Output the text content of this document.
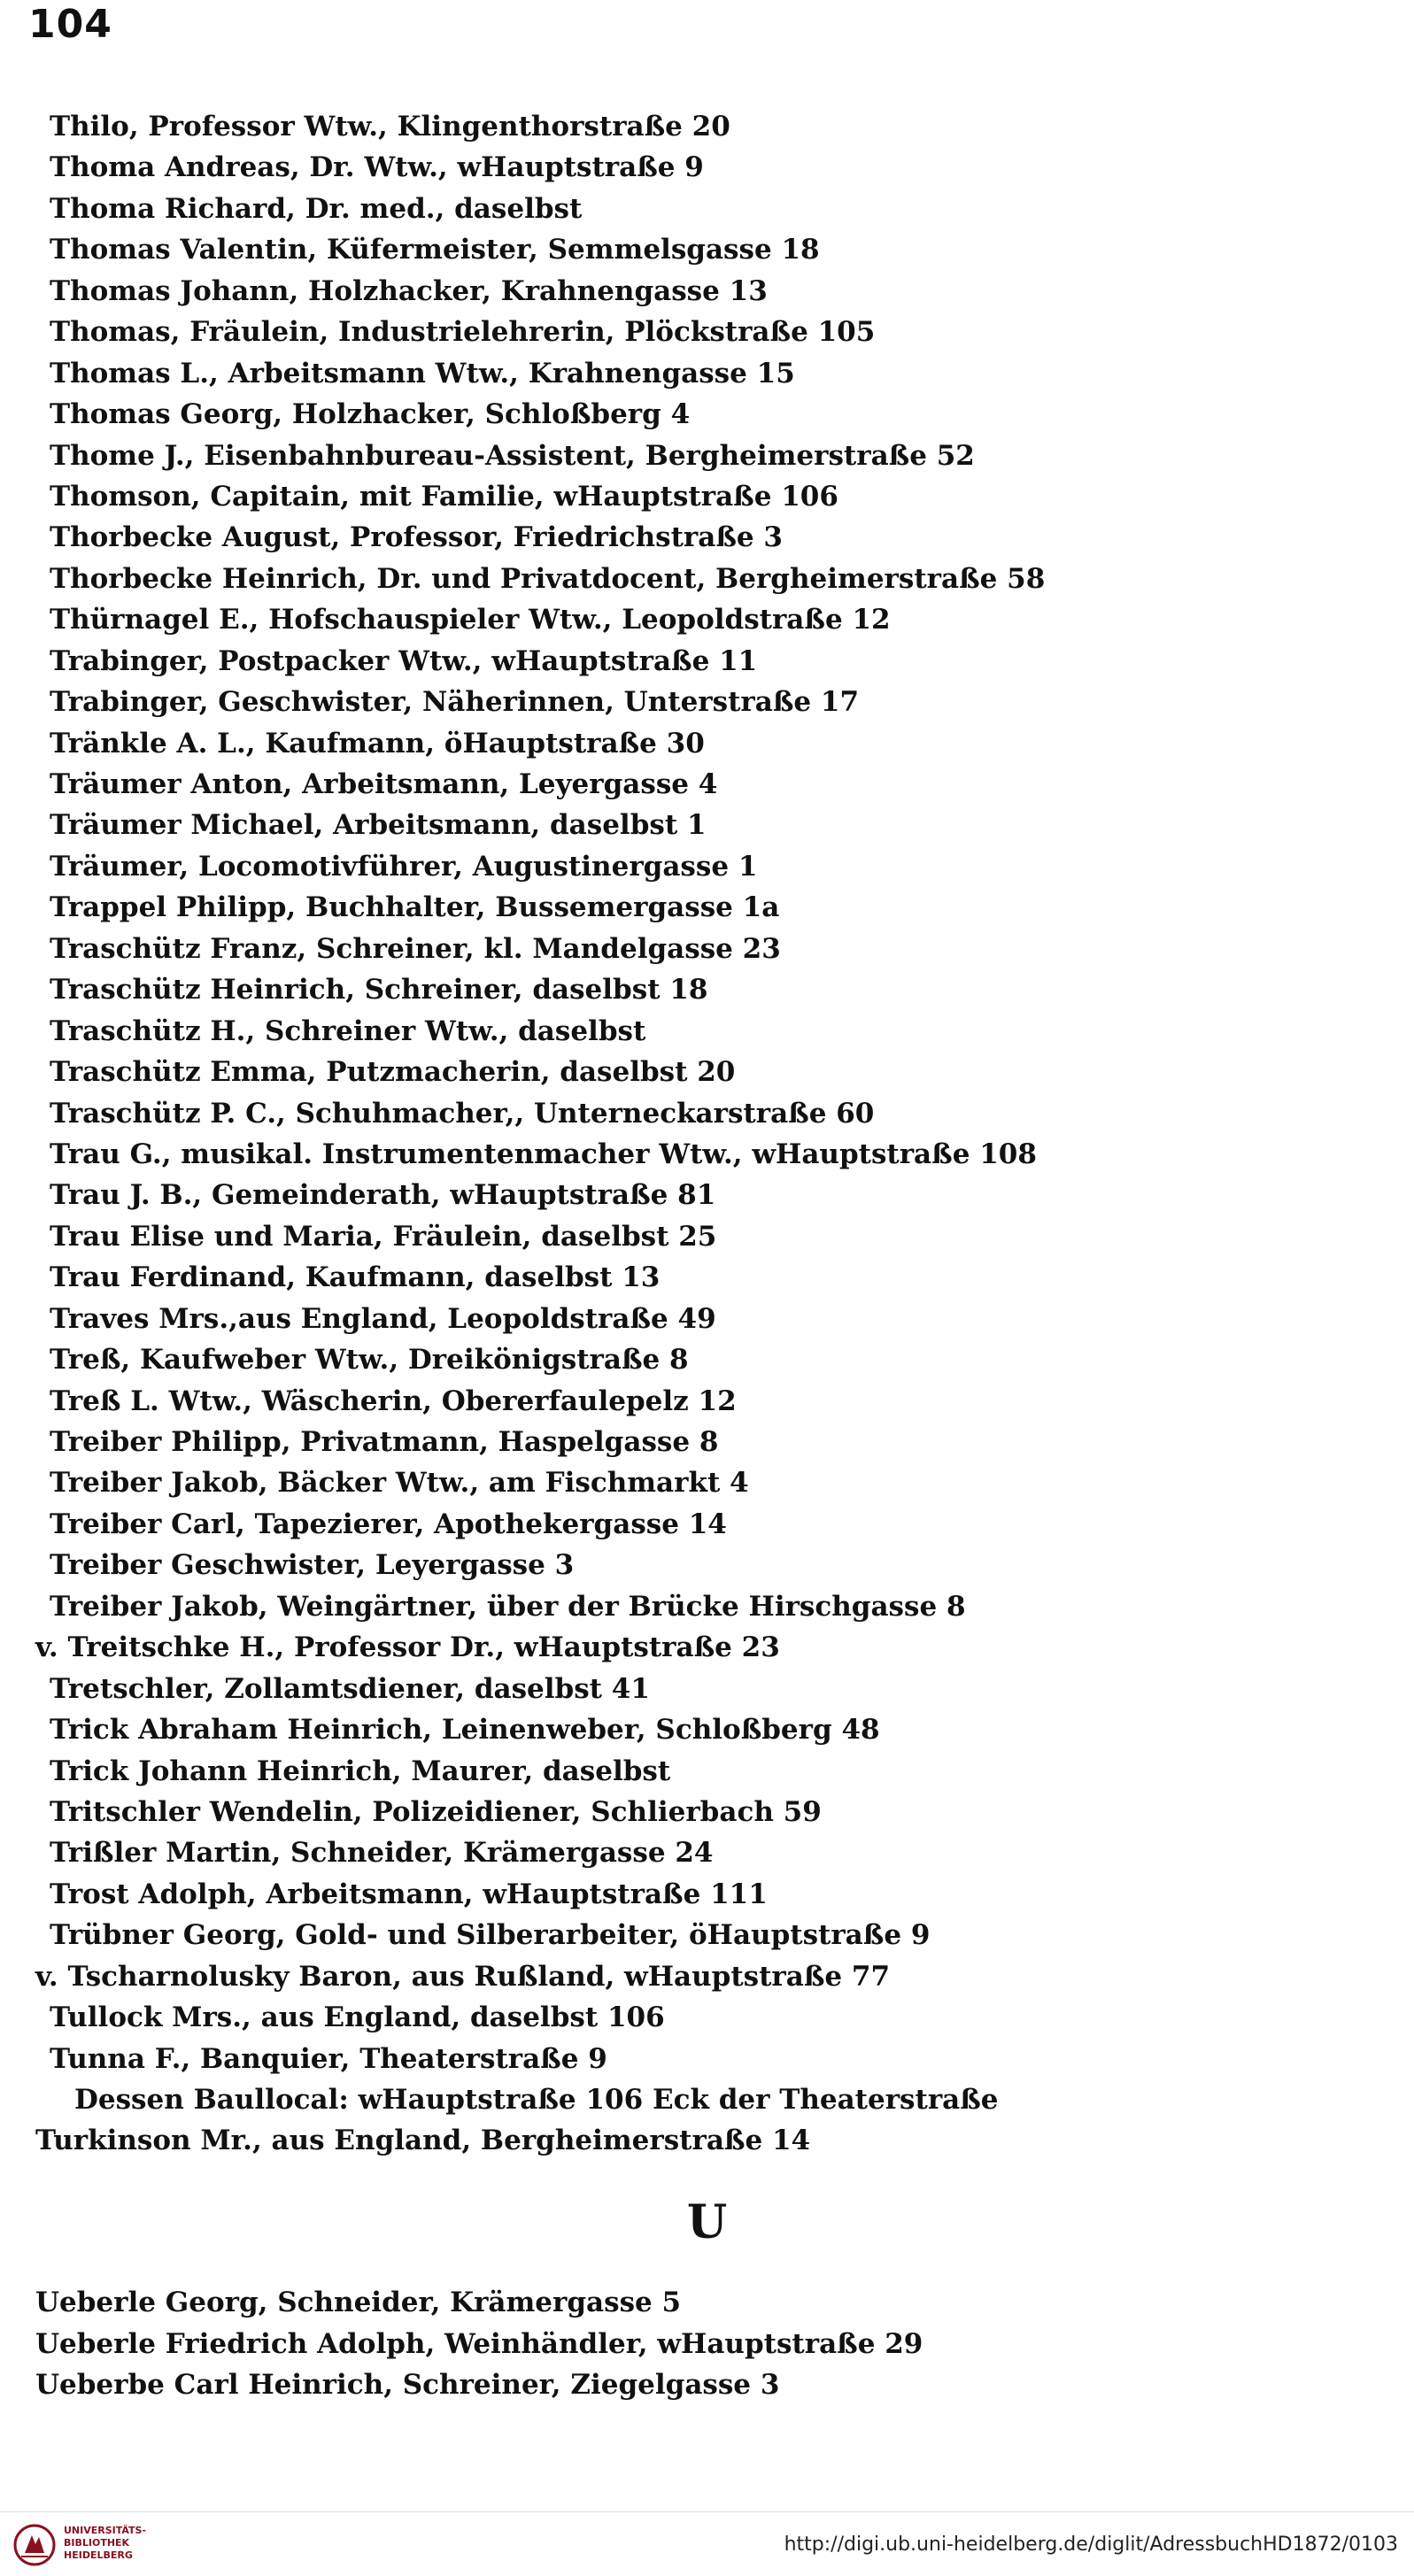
104
Thilo, Professor Wtw., Klingenthorstraße 20
Thoma Andreas, Dr. Wtw., wHauptstraße 9
Thoma Richard, Dr. med., daselbst
Thomas Valentin, Küfermeister, Semmelsgasse 18
Thomas Johann, Holzhacker, Krahnengasse 13
Thomas, Fräulein, Industrielehrerin, Plöckstraße 105
Thomas L., Arbeitsmann Wtw., Krahnengasse 15
Thomas Georg, Holzhacker, Schloßberg 4
Thome J., Eisenbahnbureau-Assistent, Bergheimerstraße 52
Thomson, Capitain, mit Familie, wHauptstraße 106
Thorbecke August, Professor, Friedrichstraße 3
Thorbecke Heinrich, Dr. und Privatdocent, Bergheimerstraße 58
Thürnagel E., Hofschauspieler Wtw., Leopoldstraße 12
Trabinger, Postpacker Wtw., wHauptstraße 11
Trabinger, Geschwister, Näherinnen, Unterstraße 17
Tränkle A. L., Kaufmann, öHauptstraße 30
Träumer Anton, Arbeitsmann, Leyergasse 4
Träumer Michael, Arbeitsmann, daselbst 1
Träumer, Locomotivführer, Augustinergasse 1
Trappel Philipp, Buchhalter, Bussemergasse 1a
Traschütz Franz, Schreiner, kl. Mandelgasse 23
Traschütz Heinrich, Schreiner, daselbst 18
Traschütz H., Schreiner Wtw., daselbst
Traschütz Emma, Putzmacherin, daselbst 20
Traschütz P. C., Schuhmacher,, Unterneckarstraße 60
Trau G., musikal. Instrumentenmacher Wtw., wHauptstraße 108
Trau J. B., Gemeinderath, wHauptstraße 81
Trau Elise und Maria, Fräulein, daselbst 25
Trau Ferdinand, Kaufmann, daselbst 13
Traves Mrs.,aus England, Leopoldstraße 49
Treß, Kaufweber Wtw., Dreikönigstraße 8
Treß L. Wtw., Wäscherin, Obererfaulepelz 12
Treiber Philipp, Privatmann, Haspelgasse 8
Treiber Jakob, Bäcker Wtw., am Fischmarkt 4
Treiber Carl, Tapezierer, Apothekergasse 14
Treiber Geschwister, Leyergasse 3
Treiber Jakob, Weingärtner, über der Brücke Hirschgasse 8
v. Treitschke H., Professor Dr., wHauptstraße 23
Tretschler, Zollamtsdiener, daselbst 41
Trick Abraham Heinrich, Leinenweber, Schloßberg 48
Trick Johann Heinrich, Maurer, daselbst
Tritschler Wendelin, Polizeidiener, Schlierbach 59
Trißler Martin, Schneider, Krämergasse 24
Trost Adolph, Arbeitsmann, wHauptstraße 111
Trübner Georg, Gold- und Silberarbeiter, öHauptstraße 9
v. Tscharnolusky Baron, aus Rußland, wHauptstraße 77
Tullock Mrs., aus England, daselbst 106
Tunna F., Banquier, Theaterstraße 9
Dessen Baullocal: wHauptstraße 106 Eck der Theaterstraße
Turkinson Mr., aus England, Bergheimerstraße 14
U
Ueberle Georg, Schneider, Krämergasse 5
Ueberle Friedrich Adolph, Weinhändler, wHauptstraße 29
Ueberbe Carl Heinrich, Schreiner, Ziegelgasse 3
UNIVERSITÄTS-
BIBLIOTHEK
HEIDELBERG	http://digi.ub.uni-heidelberg.de/diglit/AdressbuchHD1872/0103
